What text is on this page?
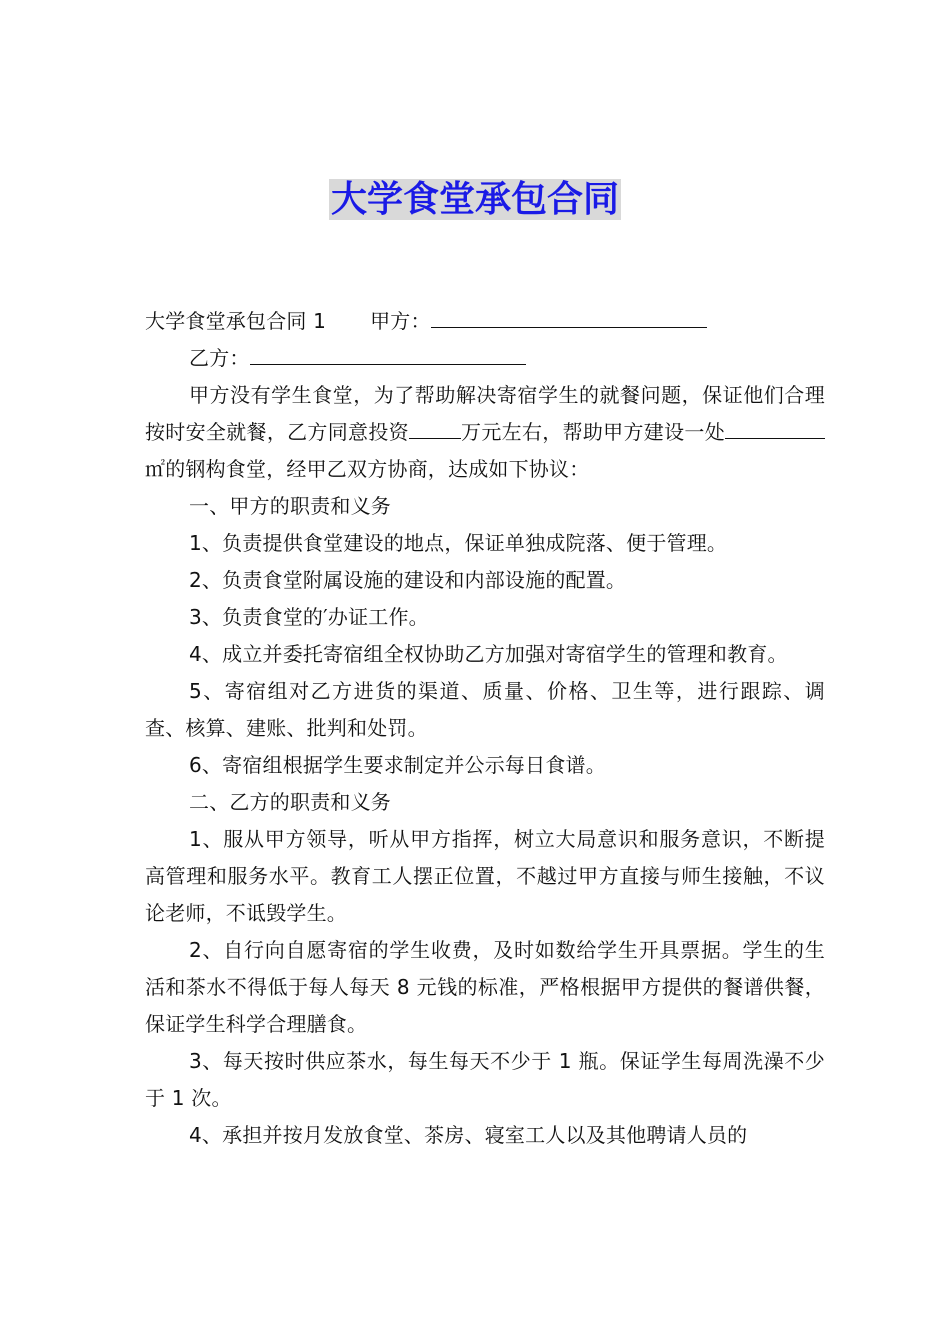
大学食堂承包合同

大学食堂承包合同 1 甲方：

乙方：

甲方没有学生食堂，为了帮助解决寄宿学生的就餐问题，保证他们合理按时安全就餐，乙方同意投资	万元左右，帮助甲方建设一处㎡的钢构食堂，经甲乙双方协商，达成如下协议：

一、甲方的职责和义务

1、负责提供食堂建设的地点，保证单独成院落、便于管理。

2、负责食堂附属设施的建设和内部设施的配置。

3、负责食堂的′办证工作。

4、成立并委托寄宿组全权协助乙方加强对寄宿学生的管理和教育。

5、寄宿组对乙方进货的渠道、质量、价格、卫生等，进行跟踪、调查、核算、建账、批判和处罚。

6、寄宿组根据学生要求制定并公示每日食谱。

二、乙方的职责和义务

1、服从甲方领导，听从甲方指挥，树立大局意识和服务意识，不断提高管理和服务水平。教育工人摆正位置，不越过甲方直接与师生接触，不议论老师，不诋毁学生。

2、自行向自愿寄宿的学生收费，及时如数给学生开具票据。学生的生活和茶水不得低于每人每天 8 元钱的标准，严格根据甲方提供的餐谱供餐，保证学生科学合理膳食。

3、每天按时供应茶水，每生每天不少于 1 瓶。保证学生每周洗澡不少于 1 次。

4、承担并按月发放食堂、茶房、寝室工人以及其他聘请人员的
